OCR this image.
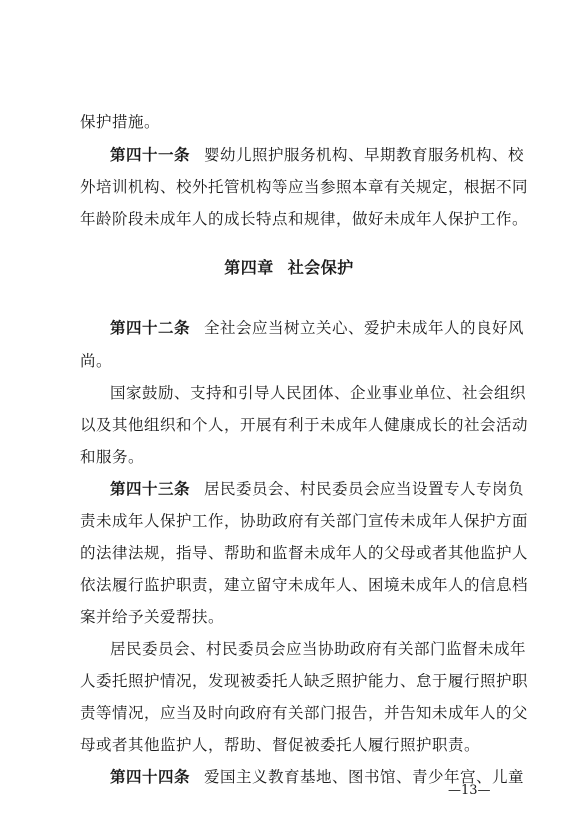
保护措施。
第四十一条 婴幼儿照护服务机构、早期教育服务机构、校
外培训机构、校外托管机构等应当参照本章有关规定，根据不同
年龄阶段未成年人的成长特点和规律，做好未成年人保护工作。
第四章 社会保护
第四十二条 全社会应当树立关心、爱护未成年人的良好风
尚。
国家鼓励、支持和引导人民团体、企业事业单位、社会组织
以及其他组织和个人，开展有利于未成年人健康成长的社会活动
和服务。
第四十三条 居民委员会、村民委员会应当设置专人专岗负
责未成年人保护工作，协助政府有关部门宣传未成年人保护方面
的法律法规，指导、帮助和监督未成年人的父母或者其他监护人
依法履行监护职责，建立留守未成年人、困境未成年人的信息档
案并给予关爱帮扶。
居民委员会、村民委员会应当协助政府有关部门监督未成年
人委托照护情况，发现被委托人缺乏照护能力、怠于履行照护职
责等情况，应当及时向政府有关部门报告，并告知未成年人的父
母或者其他监护人，帮助、督促被委托人履行照护职责。
第四十四条 爱国主义教育基地、图书馆、青少年宫、儿童
—13—
